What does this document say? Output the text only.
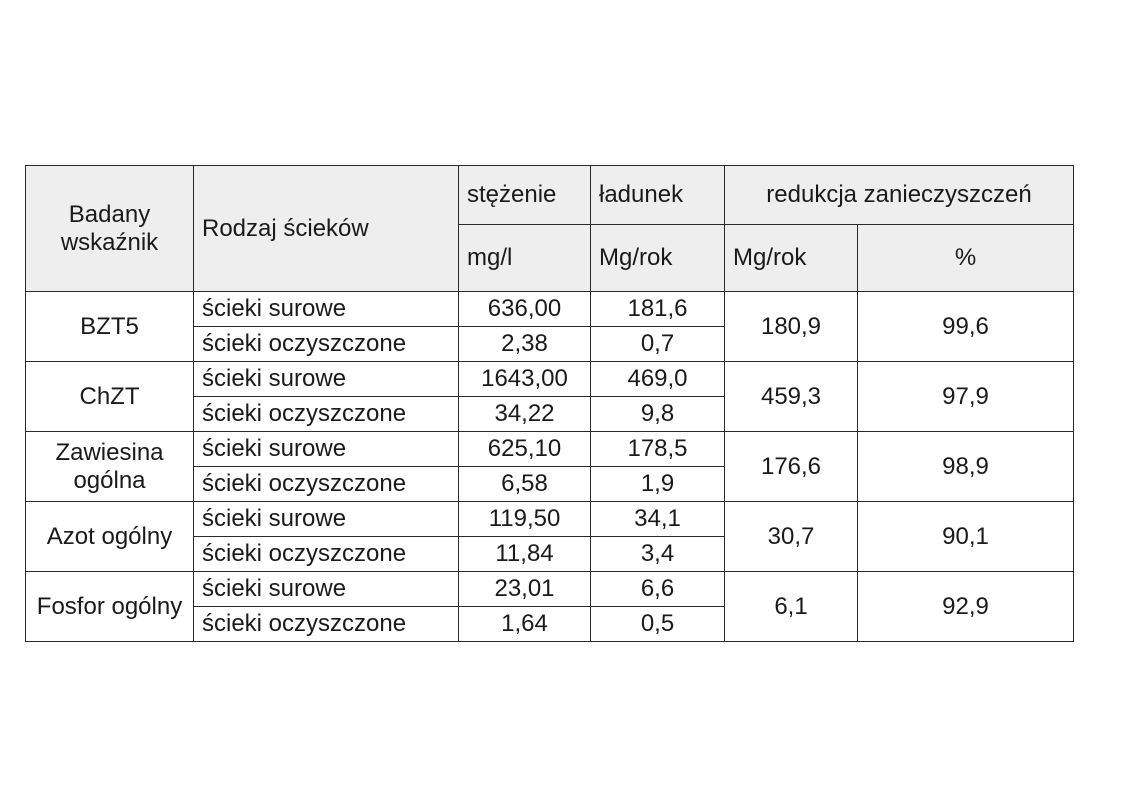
Badany wskaźnik	Rodzaj ścieków	stężenie	ładunek	redukcja zanieczyszczeń	
		mg/l	Mg/rok	Mg/rok	%
BZT5	ścieki surowe	636,00	181,6	180,9	99,6
	ścieki oczyszczone	2,38	0,7		
ChZT	ścieki surowe	1643,00	469,0	459,3	97,9
	ścieki oczyszczone	34,22	9,8		
Zawiesina ogólna	ścieki surowe	625,10	178,5	176,6	98,9
	ścieki oczyszczone	6,58	1,9		
Azot ogólny	ścieki surowe	119,50	34,1	30,7	90,1
	ścieki oczyszczone	11,84	3,4		
Fosfor ogólny	ścieki surowe	23,01	6,6	6,1	92,9
	ścieki oczyszczone	1,64	0,5		
